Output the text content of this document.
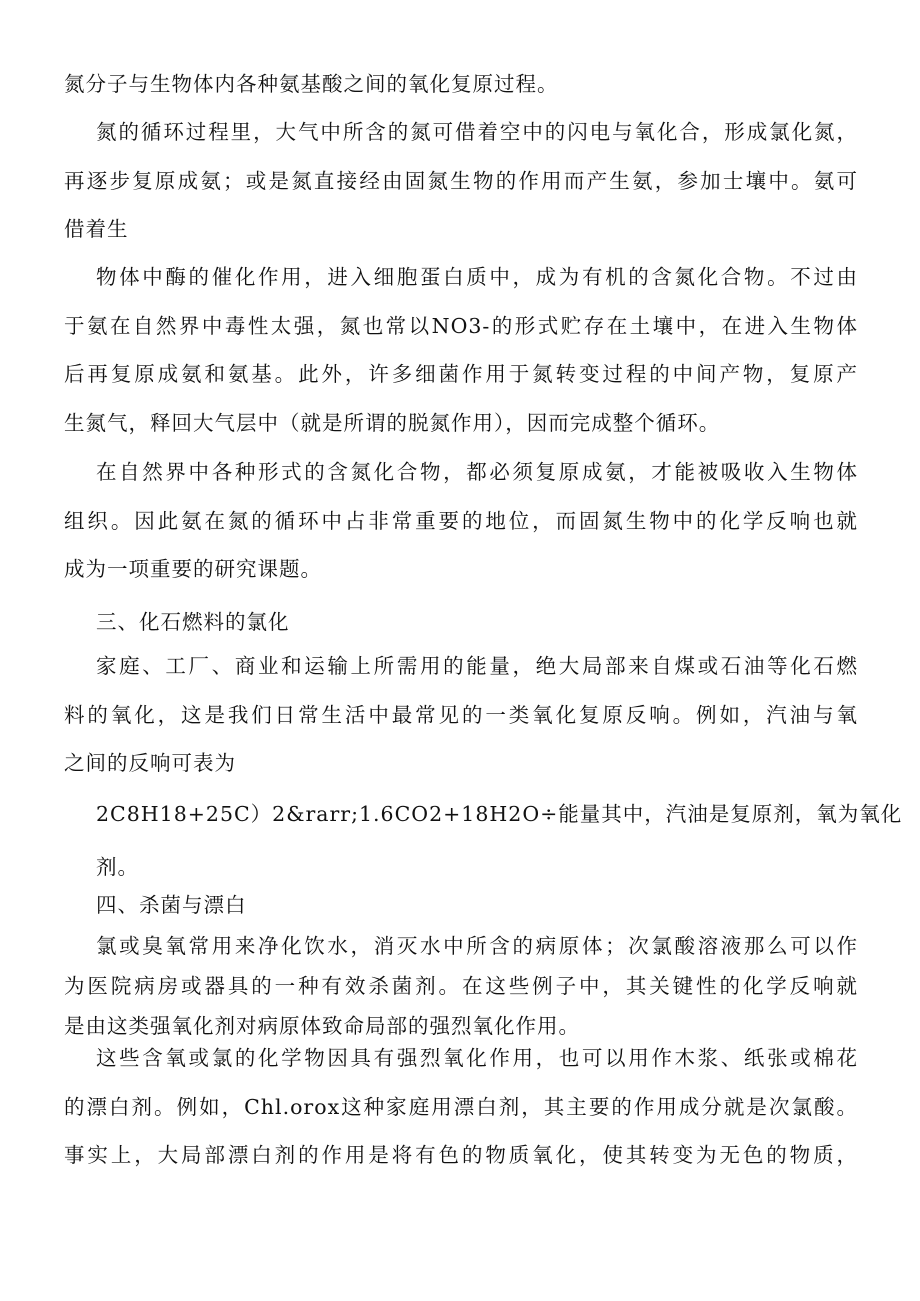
氮分子与生物体内各种氨基酸之间的氧化复原过程。

氮的循环过程里，大气中所含的氮可借着空中的闪电与氧化合，形成氯化氮，
再逐步复原成氨；或是氮直接经由固氮生物的作用而产生氨，参加士壤中。氨可
借着生

物体中酶的催化作用，进入细胞蛋白质中，成为有机的含氮化合物。不过由
于氨在自然界中毒性太强，氮也常以NO3-的形式贮存在土壤中，在进入生物体
后再复原成氨和氨基。此外，许多细菌作用于氮转变过程的中间产物，复原产
生氮气，释回大气层中（就是所谓的脱氮作用），因而完成整个循环。

在自然界中各种形式的含氮化合物，都必须复原成氨，才能被吸收入生物体
组织。因此氨在氮的循环中占非常重要的地位，而固氮生物中的化学反响也就
成为一项重要的研究课题。

三、化石燃料的氯化

家庭、工厂、商业和运输上所需用的能量，绝大局部来自煤或石油等化石燃
料的氧化，这是我们日常生活中最常见的一类氧化复原反响。例如，汽油与氧
之间的反响可表为

2C8H18+25C）2&rarr;1.6CO2+18H2O÷能量其中，汽油是复原剂，氧为氧化
剂。

四、杀菌与漂白

氯或臭氧常用来净化饮水，消灭水中所含的病原体；次氯酸溶液那么可以作
为医院病房或器具的一种有效杀菌剂。在这些例子中，其关键性的化学反响就
是由这类强氧化剂对病原体致命局部的强烈氧化作用。

这些含氧或氯的化学物因具有强烈氧化作用，也可以用作木浆、纸张或棉花
的漂白剂。例如，Chl.orox这种家庭用漂白剂，其主要的作用成分就是次氯酸。
事实上，大局部漂白剂的作用是将有色的物质氧化，使其转变为无色的物质，
